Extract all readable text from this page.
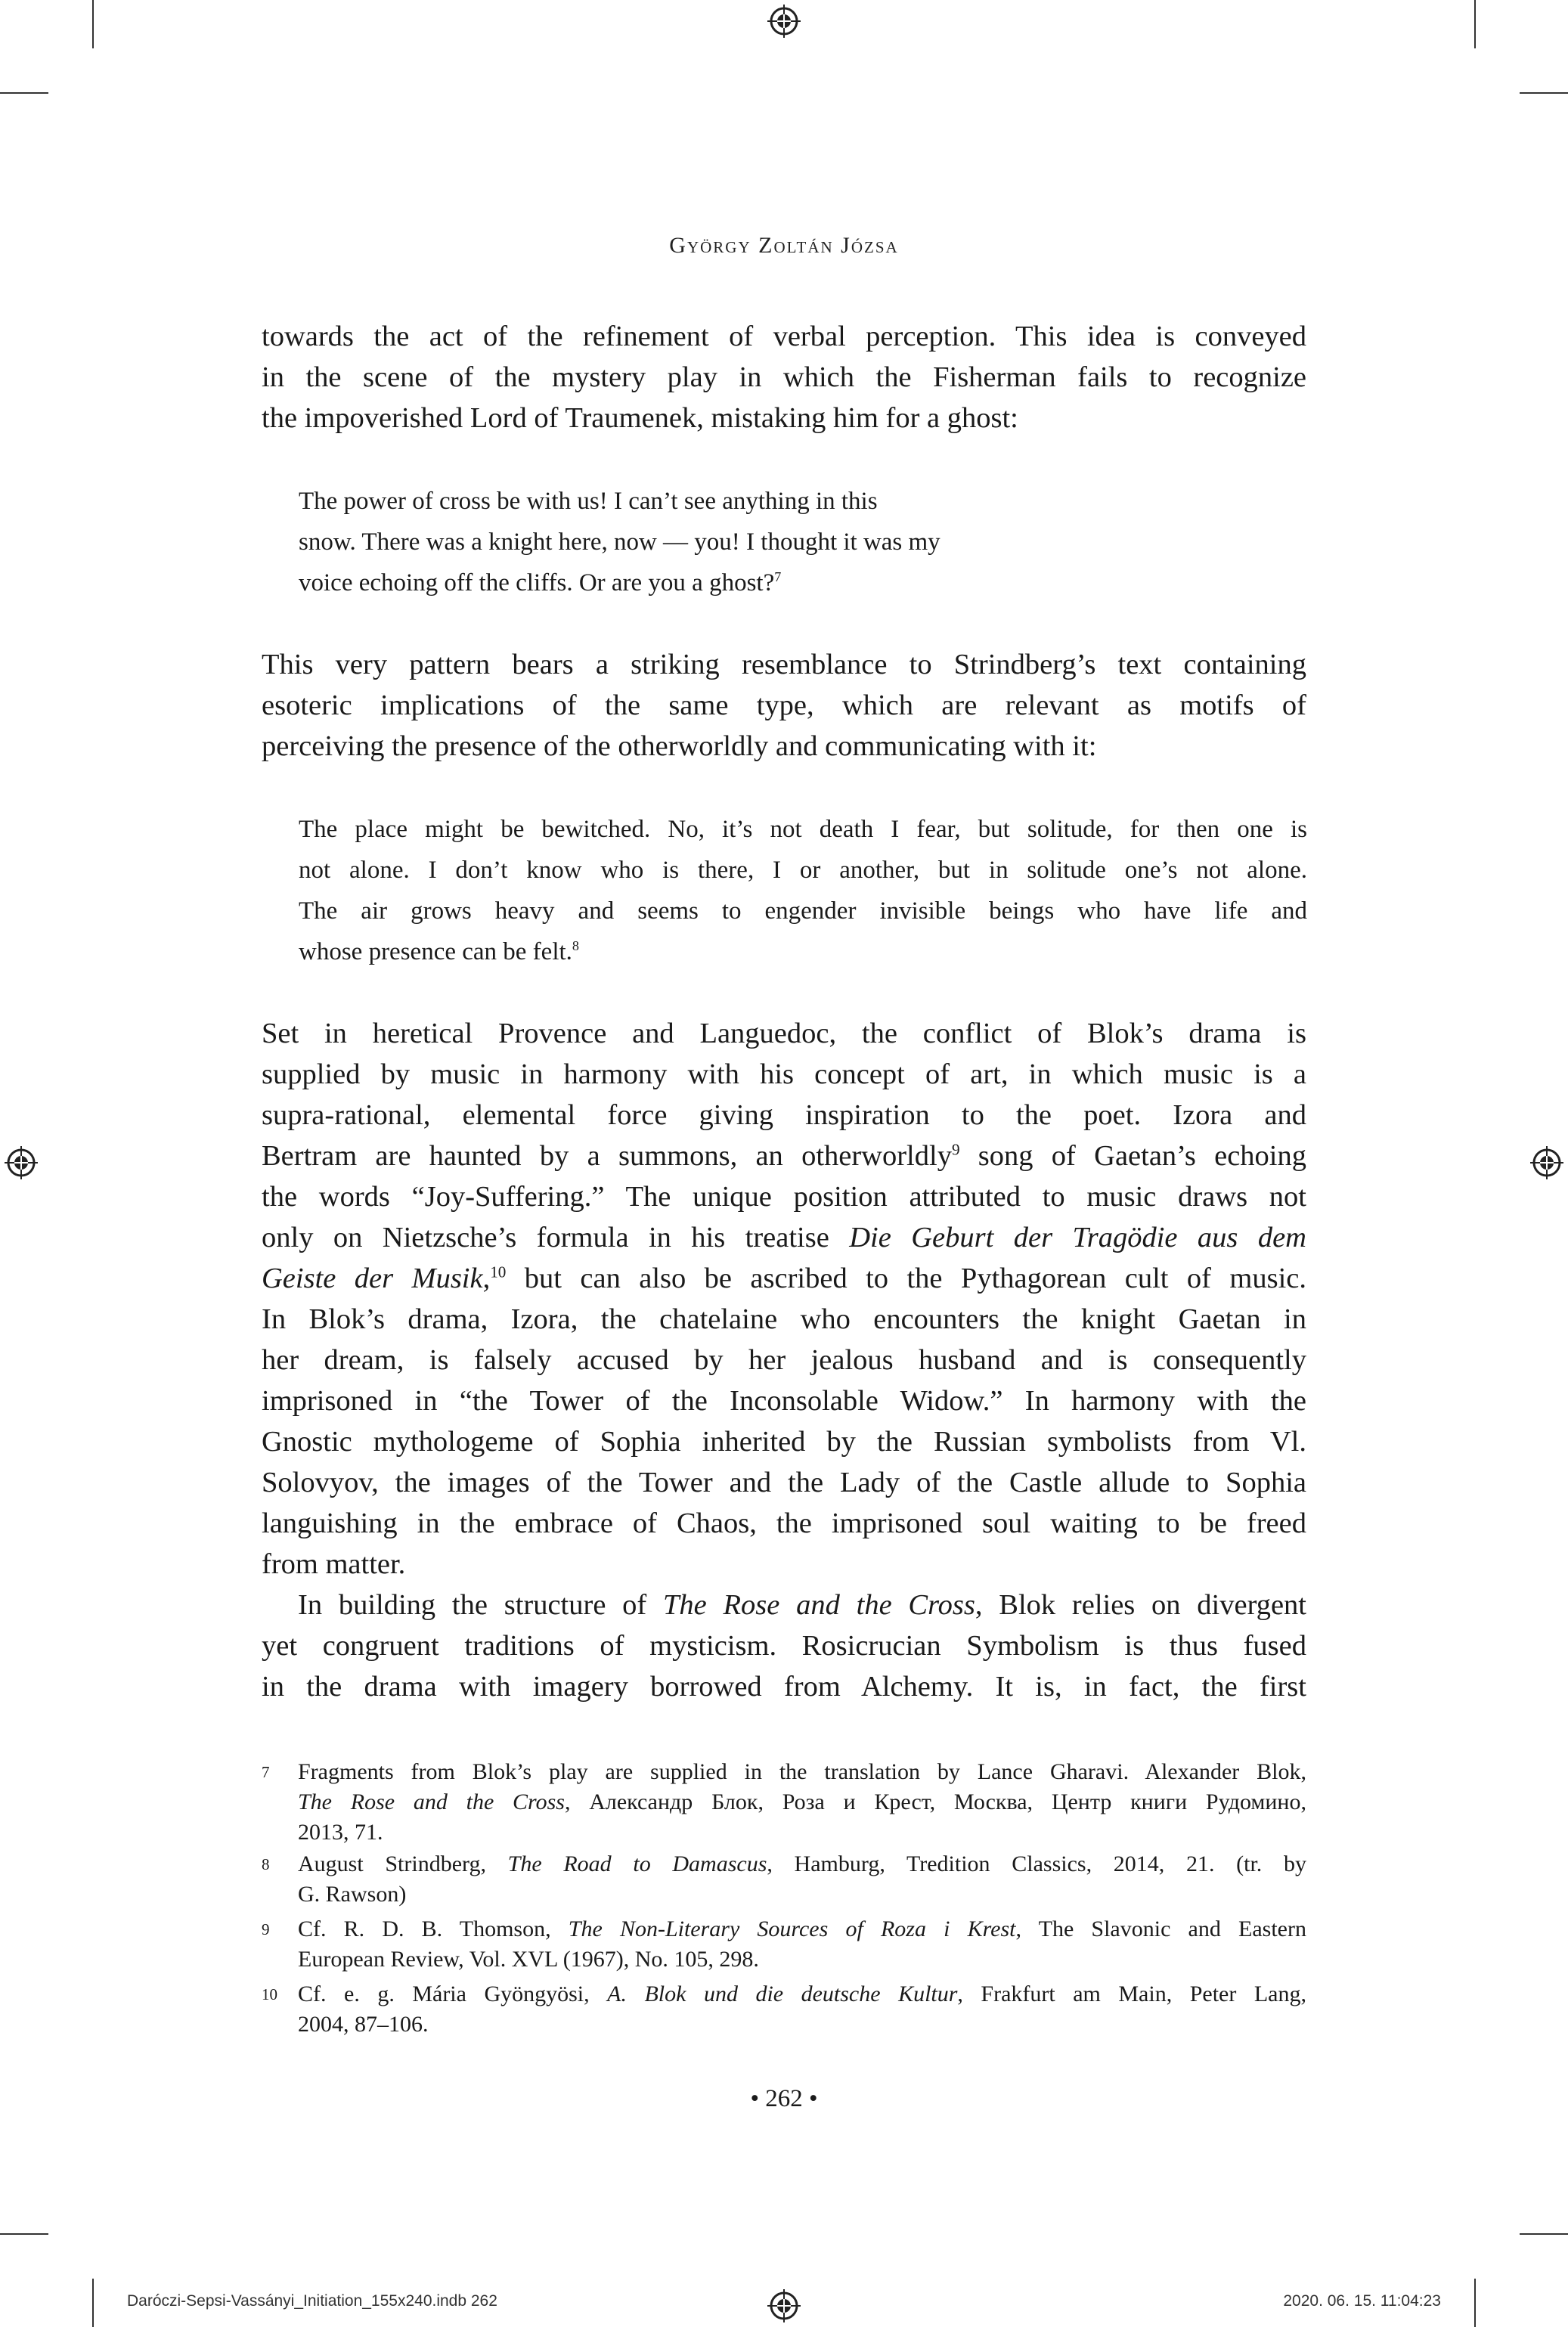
György Zoltán Józsa
towards the act of the refinement of verbal perception. This idea is conveyed
in the scene of the mystery play in which the Fisherman fails to recognize
the impoverished Lord of Traumenek, mistaking him for a ghost:
The power of cross be with us! I can’t see anything in this
snow. There was a knight here, now — you! I thought it was my
voice echoing off the cliffs. Or are you a ghost?$^7$
This very pattern bears a striking resemblance to Strindberg’s text containing
esoteric implications of the same type, which are relevant as motifs of
perceiving the presence of the otherworldly and communicating with it:
The place might be bewitched. No, it’s not death I fear, but solitude, for then one is
not alone. I don’t know who is there, I or another, but in solitude one’s not alone.
The air grows heavy and seems to engender invisible beings who have life and
whose presence can be felt.$^8$
Set in heretical Provence and Languedoc, the conflict of Blok’s drama is
supplied by music in harmony with his concept of art, in which music is a
supra-rational, elemental force giving inspiration to the poet. Izora and
Bertram are haunted by a summons, an otherworldly$^9$ song of Gaetan’s echoing
the words “Joy-Suffering.” The unique position attributed to music draws not
only on Nietzsche’s formula in his treatise Die Geburt der Tragödie aus dem
Geiste der Musik,$^{10}$ but can also be ascribed to the Pythagorean cult of music.
In Blok’s drama, Izora, the chatelaine who encounters the knight Gaetan in
her dream, is falsely accused by her jealous husband and is consequently
imprisoned in “the Tower of the Inconsolable Widow.” In harmony with the
Gnostic mythologeme of Sophia inherited by the Russian symbolists from Vl.
Solovyov, the images of the Tower and the Lady of the Castle allude to Sophia
languishing in the embrace of Chaos, the imprisoned soul waiting to be freed
from matter.
In building the structure of The Rose and the Cross, Blok relies on divergent
yet congruent traditions of mysticism. Rosicrucian Symbolism is thus fused
in the drama with imagery borrowed from Alchemy. It is, in fact, the first
7 Fragments from Blok’s play are supplied in the translation by Lance Gharavi. Alexander Blok,
The Rose and the Cross, Александр Блок, Роза и Крест, Москва, Центр книги Рудомино,
2013, 71.
8 August Strindberg, The Road to Damascus, Hamburg, Tredition Classics, 2014, 21. (tr. by
G. Rawson)
9 Cf. R. D. B. Thomson, The Non-Literary Sources of Roza i Krest, The Slavonic and Eastern
European Review, Vol. XVL (1967), No. 105, 298.
10 Cf. e. g. Mária Gyöngyösi, A. Blok und die deutsche Kultur, Frakfurt am Main, Peter Lang,
2004, 87–106.
• 262 •
Daróczi-Sepsi-Vassányi_Initiation_155x240.indb 262	2020. 06. 15. 11:04:23
